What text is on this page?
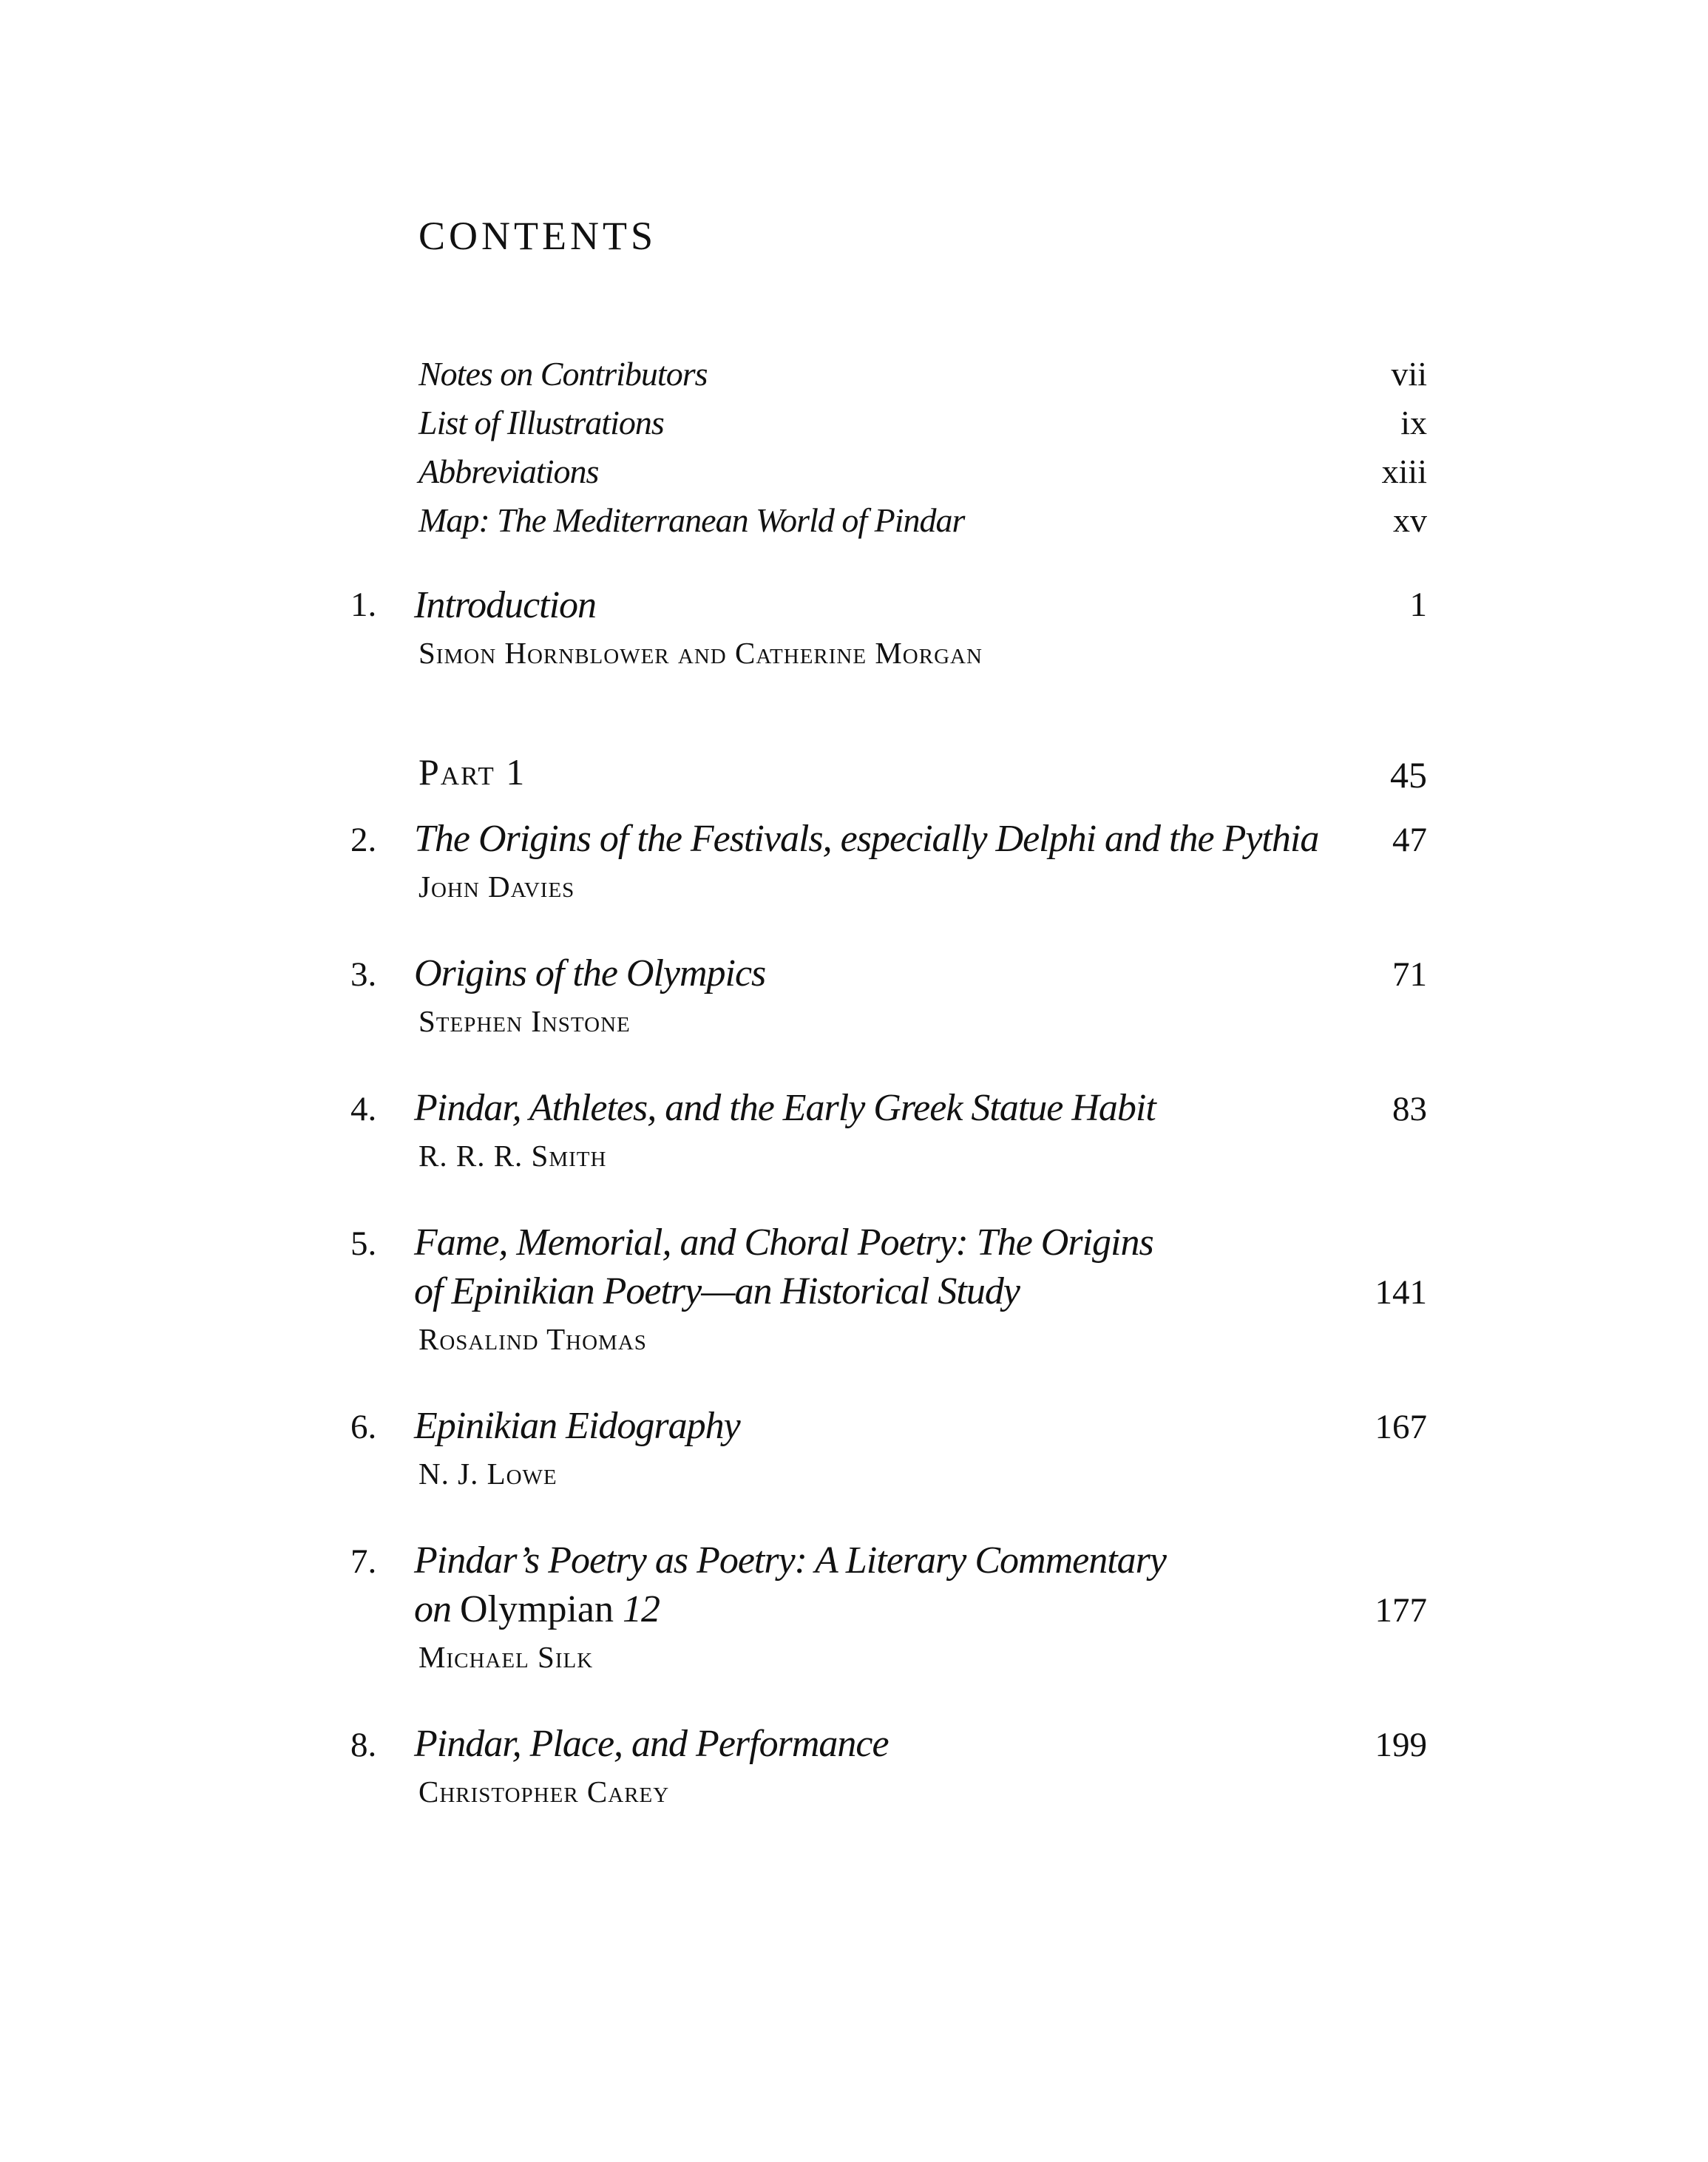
CONTENTS
Notes on Contributors	vii
List of Illustrations	ix
Abbreviations	xiii
Map: The Mediterranean World of Pindar	xv
1. Introduction	1
Simon Hornblower and Catherine Morgan
Part 1	45
2. The Origins of the Festivals, especially Delphi and the Pythia	47
John Davies
3. Origins of the Olympics	71
Stephen Instone
4. Pindar, Athletes, and the Early Greek Statue Habit	83
R. R. R. Smith
5. Fame, Memorial, and Choral Poetry: The Origins
of Epinikian Poetry—an Historical Study	141
Rosalind Thomas
6. Epinikian Eidography	167
N. J. Lowe
7. Pindar’s Poetry as Poetry: A Literary Commentary
on Olympian 12	177
Michael Silk
8. Pindar, Place, and Performance	199
Christopher Carey
